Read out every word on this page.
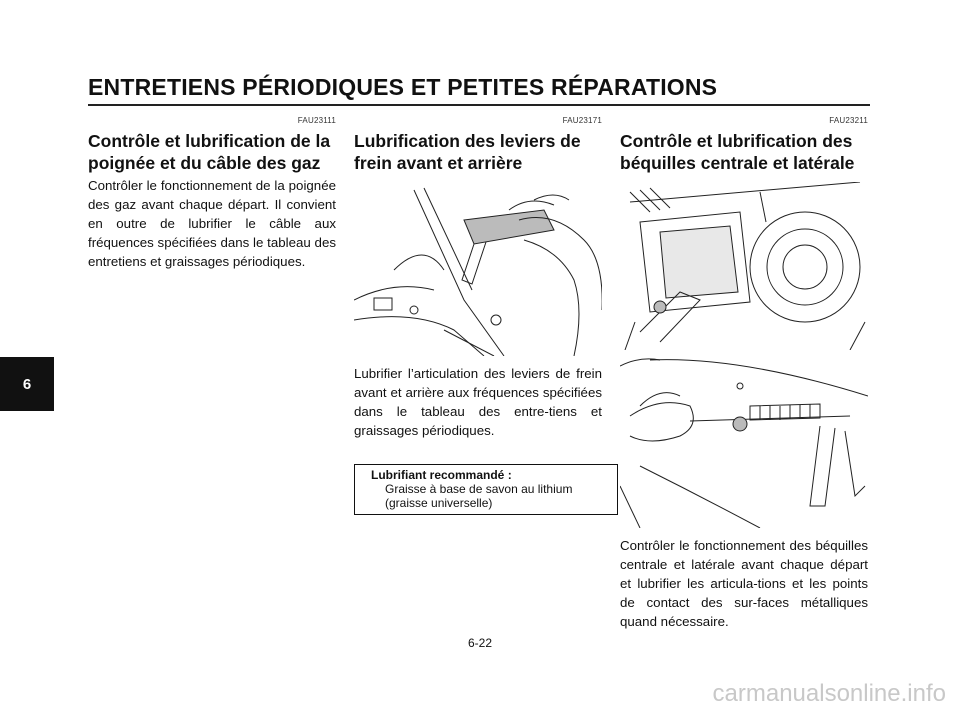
ENTRETIENS PÉRIODIQUES ET PETITES RÉPARATIONS
6
FAU23111
Contrôle et lubrification de la poignée et du câble des gaz

Contrôler le fonctionnement de la poignée des gaz avant chaque départ. Il convient en outre de lubrifier le câble aux fréquences spécifiées dans le tableau des entretiens et graissages périodiques.

FAU23171
Lubrification des leviers de frein avant et arrière

Lubrifier l’articulation des leviers de frein avant et arrière aux fréquences spécifiées dans le tableau des entre-tiens et graissages périodiques.

Lubrifiant recommandé :
Graisse à base de savon au lithium (graisse universelle)
FAU23211
Contrôle et lubrification des béquilles centrale et latérale

Contrôler le fonctionnement des béquilles centrale et latérale avant chaque départ et lubrifier les articula-tions et les points de contact des sur-faces métalliques quand nécessaire.

6-22
carmanualsonline.info
